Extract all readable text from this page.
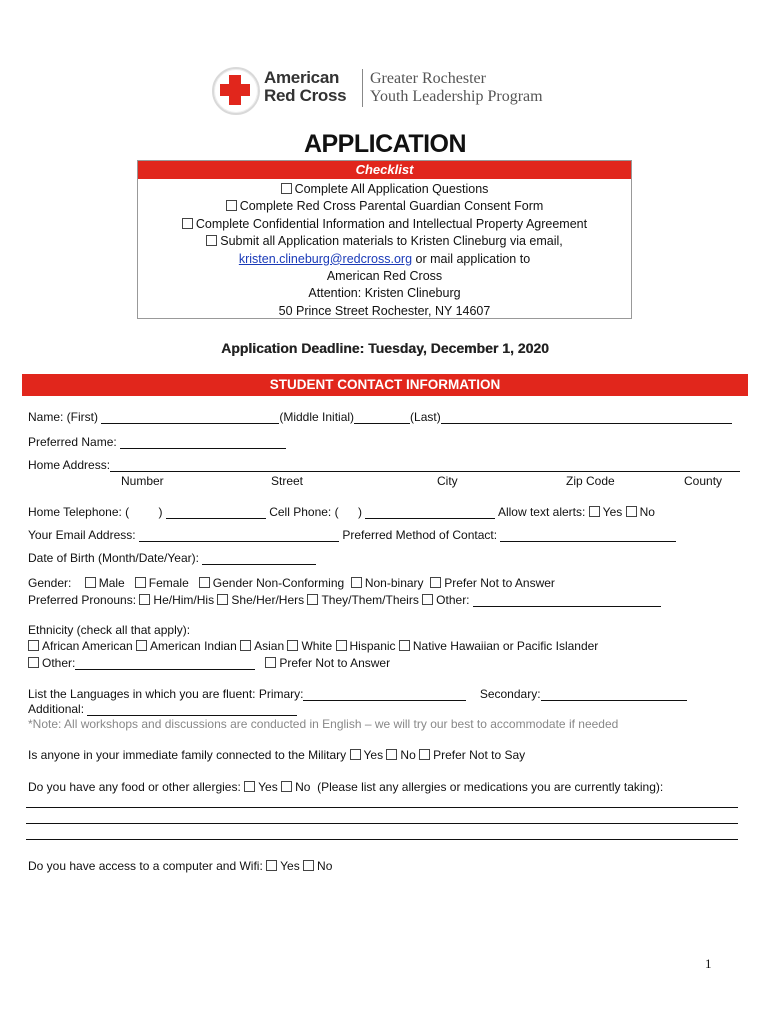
American
Red Cross
Greater Rochester
Youth Leadership Program
APPLICATION
Checklist
Complete All Application Questions
Complete Red Cross Parental Guardian Consent Form
Complete Confidential Information and Intellectual Property Agreement
Submit all Application materials to Kristen Clineburg via email,
kristen.clineburg@redcross.org or mail application to
American Red Cross
Attention: Kristen Clineburg
50 Prince Street Rochester, NY 14607
Application Deadline: Tuesday, December 1, 2020
STUDENT CONTACT INFORMATION
Name: (First)	(Middle Initial)	(Last)
Preferred Name:
Home Address:
Number	Street	City	Zip Code	County
Home Telephone: ( )	Cell Phone: ( )	Allow text alerts: Yes No
Your Email Address:	Preferred Method of Contact:
Date of Birth (Month/Date/Year):
Gender: Male Female Gender Non-Conforming Non-binary Prefer Not to Answer
Preferred Pronouns: He/Him/His She/Her/Hers They/Them/Theirs Other:
Ethnicity (check all that apply):
African American American Indian Asian White Hispanic Native Hawaiian or Pacific Islander
Other:	Prefer Not to Answer
List the Languages in which you are fluent: Primary:	Secondary:
Additional:
*Note: All workshops and discussions are conducted in English – we will try our best to accommodate if needed
Is anyone in your immediate family connected to the Military Yes No Prefer Not to Say
Do you have any food or other allergies: Yes No (Please list any allergies or medications you are currently taking):
Do you have access to a computer and Wifi: Yes No
1
